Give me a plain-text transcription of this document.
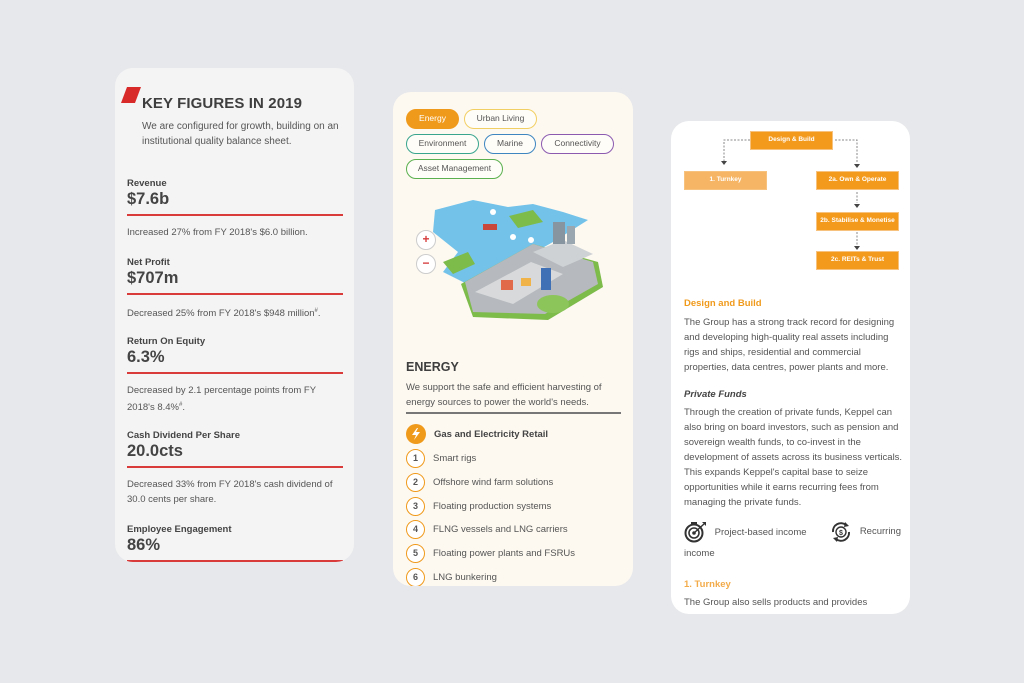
KEY FIGURES IN 2019
We are configured for growth, building on an institutional quality balance sheet.
Revenue
$7.6b
Increased 27% from FY 2018's $6.0 billion.
Net Profit
$707m
Decreased 25% from FY 2018's $948 million#.
Return On Equity
6.3%
Decreased by 2.1 percentage points from FY 2018's 8.4%#.
Cash Dividend Per Share
20.0cts
Decreased 33% from FY 2018's cash dividend of 30.0 cents per share.
Employee Engagement
86%
Energy	Urban Living
Environment	Marine	Connectivity
Asset Management
+
−
ENERGY
We support the safe and efficient harvesting of energy sources to power the world's needs.
Gas and Electricity Retail
1	Smart rigs
2	Offshore wind farm solutions
3	Floating production systems
4	FLNG vessels and LNG carriers
5	Floating power plants and FSRUs
6	LNG bunkering
Design & Build
1. Turnkey	2a. Own & Operate
2b. Stabilise & Monetise
2c. REITs & Trust
Design and Build
The Group has a strong track record for designing and developing high-quality real assets including rigs and ships, residential and commercial properties, data centres, power plants and more.
Private Funds
Through the creation of private funds, Keppel can also bring on board investors, such as pension and sovereign wealth funds, to co-invest in the development of assets across its business verticals. This expands Keppel's capital base to seize opportunities while it earns recurring fees from managing the private funds.
Project-based income	$ Recurring income
1. Turnkey
The Group also sells products and provides
